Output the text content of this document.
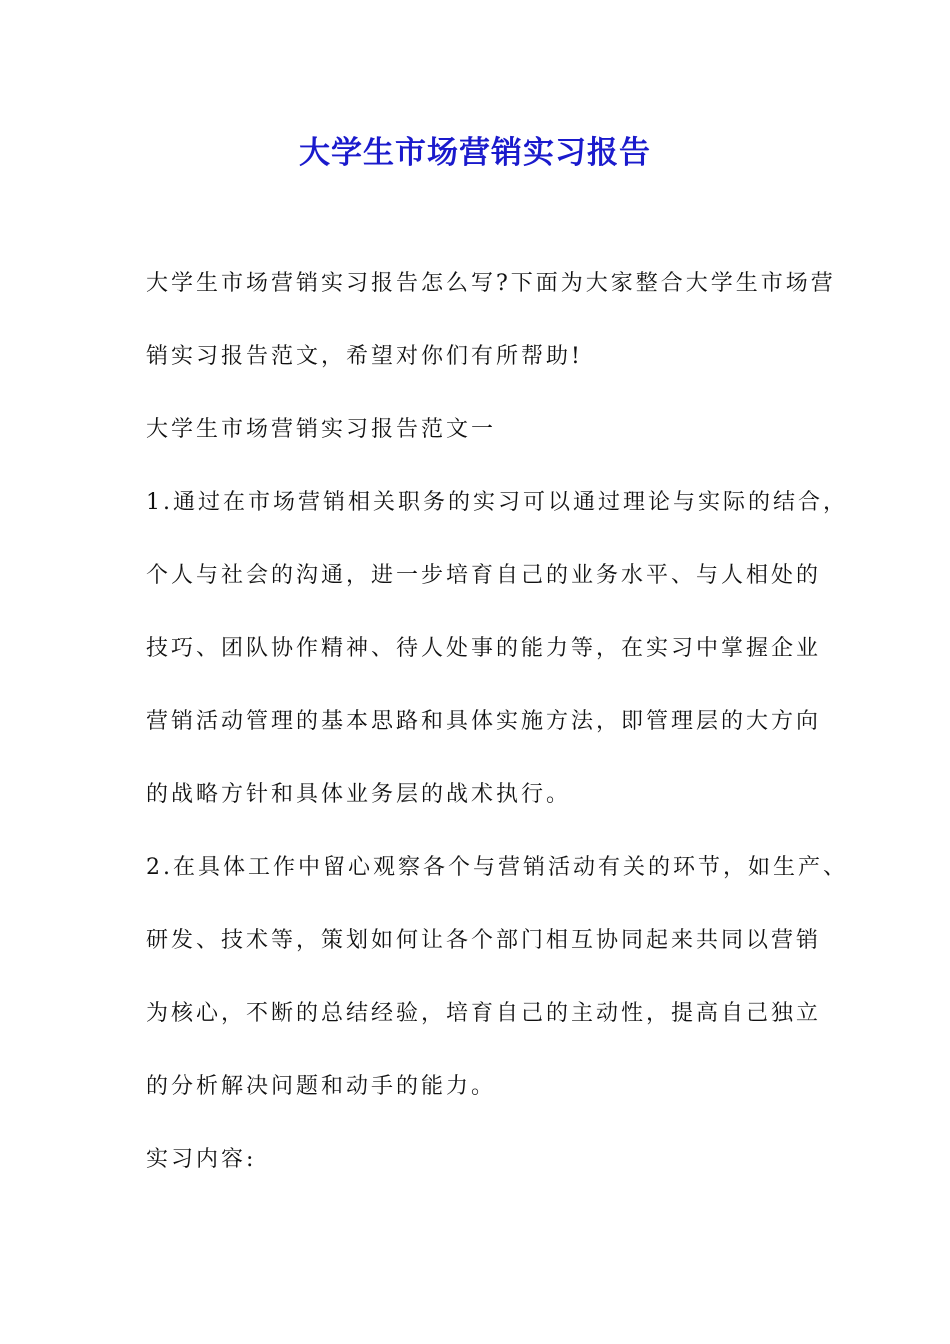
大学生市场营销实习报告
大学生市场营销实习报告怎么写?下面为大家整合大学生市场营
销实习报告范文，希望对你们有所帮助!
大学生市场营销实习报告范文一
1.通过在市场营销相关职务的实习可以通过理论与实际的结合，
个人与社会的沟通，进一步培育自己的业务水平、与人相处的
技巧、团队协作精神、待人处事的能力等，在实习中掌握企业
营销活动管理的基本思路和具体实施方法，即管理层的大方向
的战略方针和具体业务层的战术执行。
2.在具体工作中留心观察各个与营销活动有关的环节，如生产、
研发、技术等，策划如何让各个部门相互协同起来共同以营销
为核心，不断的总结经验，培育自己的主动性，提高自己独立
的分析解决问题和动手的能力。
实习内容:
